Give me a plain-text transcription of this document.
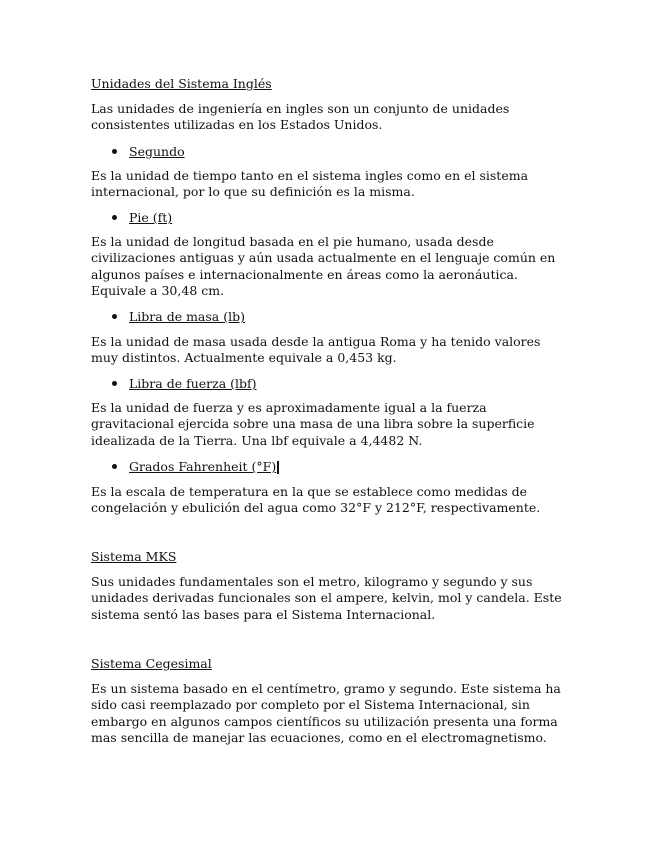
Unidades del Sistema Inglés

Las unidades de ingeniería en ingles son un conjunto de unidades consistentes utilizadas en los Estados Unidos.

Segundo

Es la unidad de tiempo tanto en el sistema ingles como en el sistema internacional, por lo que su definición es la misma.

Pie (ft)

Es la unidad de longitud basada en el pie humano, usada desde civilizaciones antiguas y aún usada actualmente en el lenguaje común en algunos países e internacionalmente en áreas como la aeronáutica. Equivale a 30,48 cm.

Libra de masa (lb)

Es la unidad de masa usada desde la antigua Roma y ha tenido valores muy distintos. Actualmente equivale a 0,453 kg.

Libra de fuerza (lbf)

Es la unidad de fuerza y es aproximadamente igual a la fuerza gravitacional ejercida sobre una masa de una libra sobre la superficie idealizada de la Tierra. Una lbf equivale a 4,4482 N.

Grados Fahrenheit (°F)

Es la escala de temperatura en la que se establece como medidas de congelación y ebulición del agua como 32°F y 212°F, respectivamente.

Sistema MKS

Sus unidades fundamentales son el metro, kilogramo y segundo y sus unidades derivadas funcionales son el ampere, kelvin, mol y candela. Este sistema sentó las bases para el Sistema Internacional.

Sistema Cegesimal

Es un sistema basado en el centímetro, gramo y segundo. Este sistema ha sido casi reemplazado por completo por el Sistema Internacional, sin embargo en algunos campos científicos su utilización presenta una forma mas sencilla de manejar las ecuaciones, como en el electromagnetismo.
